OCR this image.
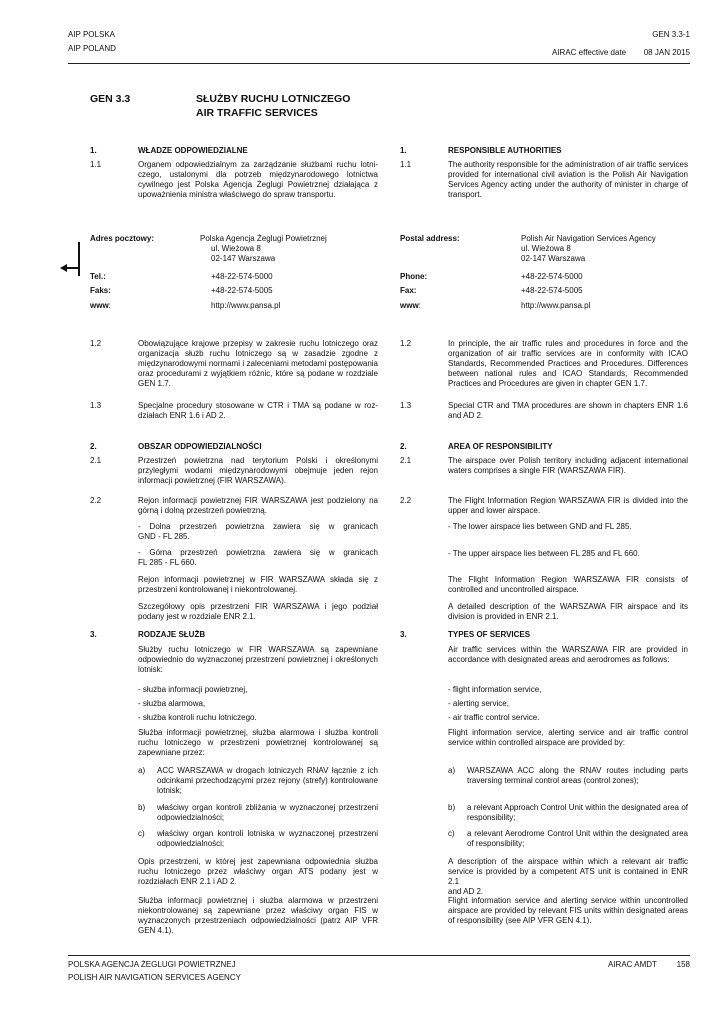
AIP POLSKA
AIP POLAND
GEN 3.3-1
AIRAC effective date 08 JAN 2015
GEN 3.3	SŁUŻBY RUCHU LOTNICZEGO
AIR TRAFFIC SERVICES
1.	WŁADZE ODPOWIEDZIALNE
1.1	Organem odpowiedzialnym za zarządzanie służbami ruchu lotni-
czego, ustalonymi dla potrzeb międzynarodowego lotnictwa
cywilnego jest Polska Agencja Żeglugi Powietrznej działająca z
upoważnienia ministra właściwego do spraw transportu.
Adres pocztowy:	Polska Agencja Żeglugi Powietrznej
ul. Wieżowa 8
02-147 Warszawa
Tel.:	+48-22-574-5000
Faks:	+48-22-574-5005
www:	http://www.pansa.pl
1.2	Obowiązujące krajowe przepisy w zakresie ruchu lotniczego oraz
organizacja służb ruchu lotniczego są w zasadzie zgodne z
międzynarodowymi normami i zaleceniami metodami postępowania
oraz procedurami z wyjątkiem różnic, które są podane w rozdziale
GEN 1.7.
1.3	Specjalne procedury stosowane w CTR i TMA są podane w roz-
działach ENR 1.6 i AD 2.
2.	OBSZAR ODPOWIEDZIALNOŚCI
2.1	Przestrzeń powietrzna nad terytorium Polski i określonymi
przyległymi wodami międzynarodowymi obejmuje jeden rejon
informacji powietrznej (FIR WARSZAWA).
2.2	Rejon informacji powietrznej FIR WARSZAWA jest podzielony na
górną i dolną przestrzeń powietrzną.
- Dolna przestrzeń powietrzna zawiera się w granicach
GND - FL 285.
- Górna przestrzeń powietrzna zawiera się w granicach
FL 285 - FL 660.
Rejon informacji powietrznej w FIR WARSZAWA składa się z
przestrzeni kontrolowanej i niekontrolowanej.
Szczegółowy opis przestrzeni FIR WARSZAWA i jego podział
podany jest w rozdziale ENR 2.1.
3.	RODZAJE SŁUŻB
Służby ruchu lotniczego w FIR WARSZAWA są zapewniane
odpowiednio do wyznaczonej przestrzeni powietrznej i określonych
lotnisk:
- służba informacji powietrznej,
- służba alarmowa,
- służba kontroli ruchu lotniczego.
Służba informacji powietrznej, służba alarmowa i służba kontroli
ruchu lotniczego w przestrzeni powietrznej kontrolowanej są
zapewniane przez:
a) ACC WARSZAWA w drogach lotniczych RNAV łącznie z ich
odcinkami przechodzącymi przez rejony (strefy) kontrolowane
lotnisk;
b) właściwy organ kontroli zbliżania w wyznaczonej przestrzeni
odpowiedzialności;
c) właściwy organ kontroli lotniska w wyznaczonej przestrzeni
odpowiedzialności;
Opis przestrzeni, w której jest zapewniana odpowiednia służba
ruchu lotniczego przez właściwy organ ATS podany jest w
rozdziałach ENR 2.1 i AD 2.
Służba informacji powietrznej i służba alarmowa w przestrzeni
niekontrolowanej są zapewniane przez właściwy organ FIS w
wyznaczonych przestrzeniach odpowiedzialności (patrz AIP VFR
GEN 4.1).
1.	RESPONSIBLE AUTHORITIES
1.1	The authority responsible for the administration of air traffic services
provided for international civil aviation is the Polish Air Navigation
Services Agency acting under the authority of minister in charge of
transport.
Postal address:	Polish Air Navigation Services Agency
ul. Wieżowa 8
02-147 Warszawa
Phone:	+48-22-574-5000
Fax:	+48-22-574-5005
www:	http://www.pansa.pl
1.2	In principle, the air traffic rules and procedures in force and the
organization of air traffic services are in conformity with ICAO
Standards, Recommended Practices and Procedures. Differences
between national rules and ICAO Standards, Recommended
Practices and Procedures are given in chapter GEN 1.7.
1.3	Special CTR and TMA procedures are shown in chapters ENR 1.6
and AD 2.
2.	AREA OF RESPONSIBILITY
2.1	The airspace over Polish territory including adjacent international
waters comprises a single FIR (WARSZAWA FIR).
2.2	The Flight Information Region WARSZAWA FIR is divided into the
upper and lower airspace.
- The lower airspace lies between GND and FL 285.
- The upper airspace lies between FL 285 and FL 660.
The Flight Information Region WARSZAWA FIR consists of
controlled and uncontrolled airspace.
A detailed description of the WARSZAWA FIR airspace and its
division is provided in ENR 2.1.
3.	TYPES OF SERVICES
Air traffic services within the WARSZAWA FIR are provided in
accordance with designated areas and aerodromes as follows:
- flight information service,
- alerting service,
- air traffic control service.
Flight information service, alerting service and air traffic control
service within controlled airspace are provided by:
a) WARSZAWA ACC along the RNAV routes including parts
traversing terminal control areas (control zones);
b) a relevant Approach Control Unit within the designated area of
responsibility;
c) a relevant Aerodrome Control Unit within the designated area
of responsibility;
A description of the airspace within which a relevant air traffic
service is provided by a competent ATS unit is contained in ENR 2.1
and AD 2.
Flight information service and alerting service within uncontrolled
airspace are provided by relevant FIS units within designated areas
of responsibility (see AIP VFR GEN 4.1).
POLSKA AGENCJA ŻEGLUGI POWIETRZNEJ
POLISH AIR NAVIGATION SERVICES AGENCY
AIRAC AMDT 158
